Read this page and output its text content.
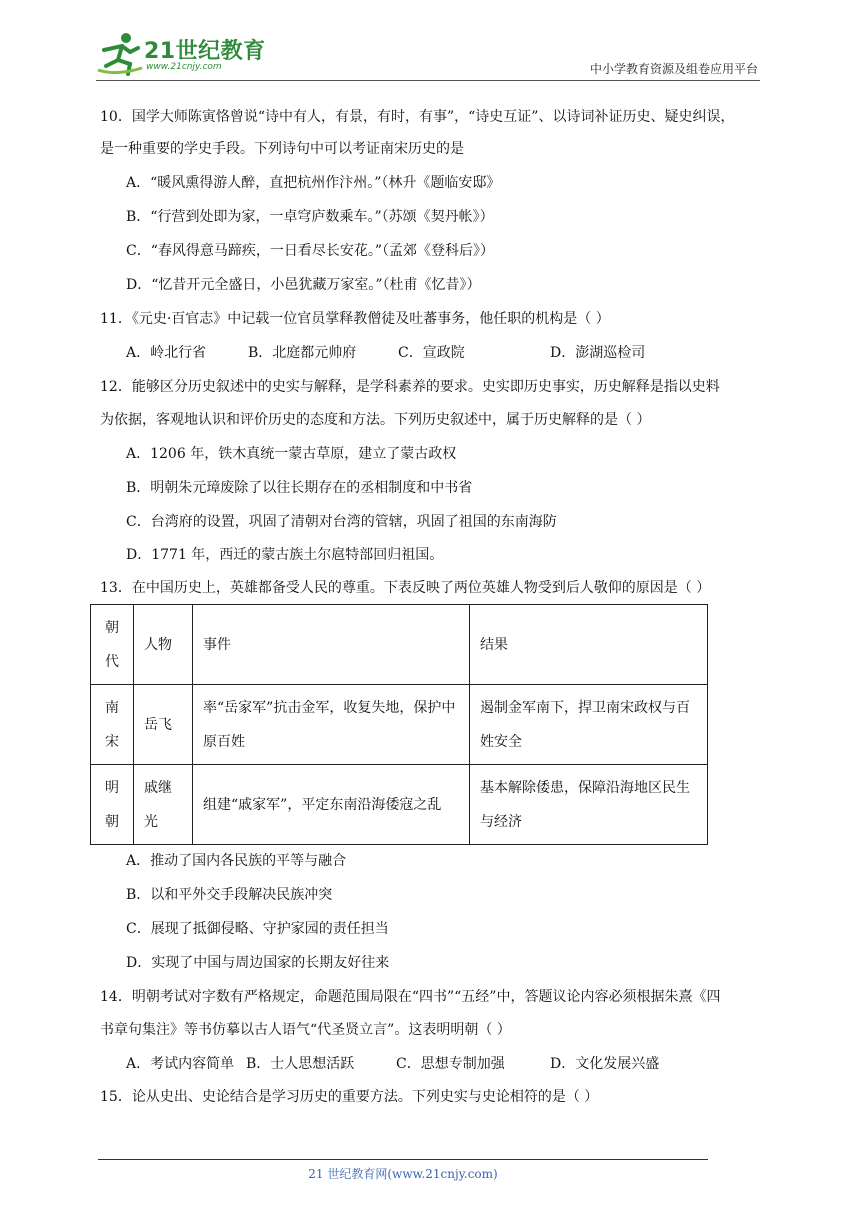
21世纪教育
www.21cnjy.com	中小学教育资源及组卷应用平台
10．国学大师陈寅恪曾说“诗中有人，有景，有时，有事”，“诗史互证”、以诗词补证历史、疑史纠误，
是一种重要的学史手段。下列诗句中可以考证南宋历史的是
A．“暖风熏得游人醉，直把杭州作汴州。”（林升《题临安邸》
B．“行营到处即为家，一卓穹庐数乘车。”（苏颂《契丹帐》）
C．“春风得意马蹄疾，一日看尽长安花。”（孟郊《登科后》）
D．“忆昔开元全盛日，小邑犹藏万家室。”（杜甫《忆昔》）
11．《元史·百官志》中记载一位官员掌释教僧徒及吐蕃事务，他任职的机构是（ ）
A．岭北行省	B．北庭都元帅府	C．宣政院	D．澎湖巡检司
12．能够区分历史叙述中的史实与解释，是学科素养的要求。史实即历史事实，历史解释是指以史料
为依据，客观地认识和评价历史的态度和方法。下列历史叙述中，属于历史解释的是（ ）
A．1206 年，铁木真统一蒙古草原，建立了蒙古政权
B．明朝朱元璋废除了以往长期存在的丞相制度和中书省
C．台湾府的设置，巩固了清朝对台湾的管辖，巩固了祖国的东南海防
D．1771 年，西迁的蒙古族土尔扈特部回归祖国。
13．在中国历史上，英雄都备受人民的尊重。下表反映了两位英雄人物受到后人敬仰的原因是（ ）
朝代	人物	事件	结果
南宋	岳飞	率“岳家军”抗击金军，收复失地，保护中原百姓	遏制金军南下，捍卫南宋政权与百姓安全
明朝	戚继光	组建“戚家军”，平定东南沿海倭寇之乱	基本解除倭患，保障沿海地区民生与经济
A．推动了国内各民族的平等与融合
B．以和平外交手段解决民族冲突
C．展现了抵御侵略、守护家园的责任担当
D．实现了中国与周边国家的长期友好往来
14．明朝考试对字数有严格规定，命题范围局限在“四书”“五经”中，答题议论内容必须根据朱熹《四
书章句集注》等书仿摹以古人语气“代圣贤立言”。这表明明朝（ ）
A．考试内容简单 B．士人思想活跃	C．思想专制加强	D．文化发展兴盛
15．论从史出、史论结合是学习历史的重要方法。下列史实与史论相符的是（ ）
21 世纪教育网(www.21cnjy.com)
